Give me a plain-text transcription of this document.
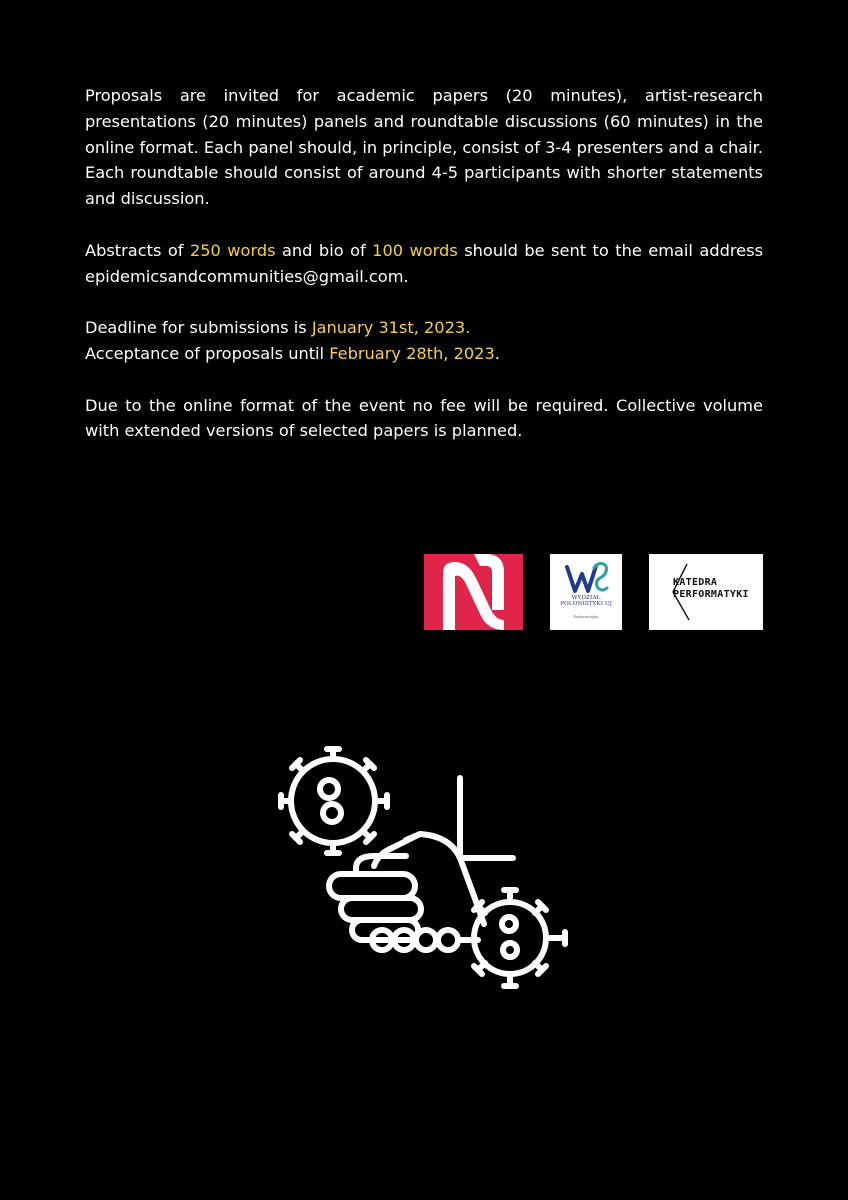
Proposals are invited for academic papers (20 minutes), artist-research presentations (20 minutes) panels and roundtable discussions (60 minutes) in the online format. Each panel should, in principle, consist of 3-4 presenters and a chair. Each roundtable should consist of around 4-5 participants with shorter statements and discussion.

Abstracts of 250 words and bio of 100 words should be sent to the email address epidemicsandcommunities@gmail.com.

Deadline for submissions is January 31st, 2023.
Acceptance of proposals until February 28th, 2023.

Due to the online format of the event no fee will be required. Collective volume with extended versions of selected papers is planned.

WYDZIAŁ
POLONISTYKI UJ
Performatyka
KATEDRA
PERFORMATYKI
